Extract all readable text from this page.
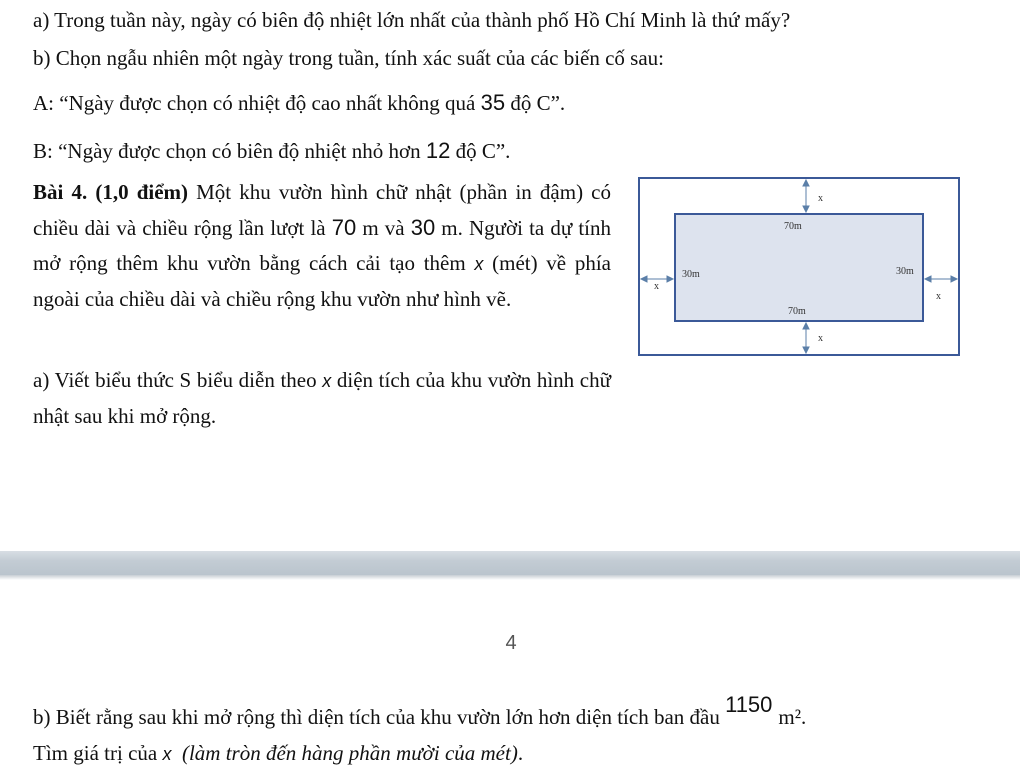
a) Trong tuần này, ngày có biên độ nhiệt lớn nhất của thành phố Hồ Chí Minh là thứ mấy?
b) Chọn ngẫu nhiên một ngày trong tuần, tính xác suất của các biến cố sau:
A: “Ngày được chọn có nhiệt độ cao nhất không quá 35 độ C”.
B: “Ngày được chọn có biên độ nhiệt nhỏ hơn 12 độ C”.
Bài 4. (1,0 điểm) Một khu vườn hình chữ nhật (phần in đậm) có chiều dài và chiều rộng lần lượt là 70 m và 30 m. Người ta dự tính mở rộng thêm khu vườn bằng cách cải tạo thêm x (mét) về phía ngoài của chiều dài và chiều rộng khu vườn như hình vẽ.
a) Viết biểu thức S biểu diễn theo x diện tích của khu vườn hình chữ nhật sau khi mở rộng.
x
x
x
x
70m
70m
30m	30m
4
b) Biết rằng sau khi mở rộng thì diện tích của khu vườn lớn hơn diện tích ban đầu 1150 m².
Tìm giá trị của x (làm tròn đến hàng phần mười của mét).
